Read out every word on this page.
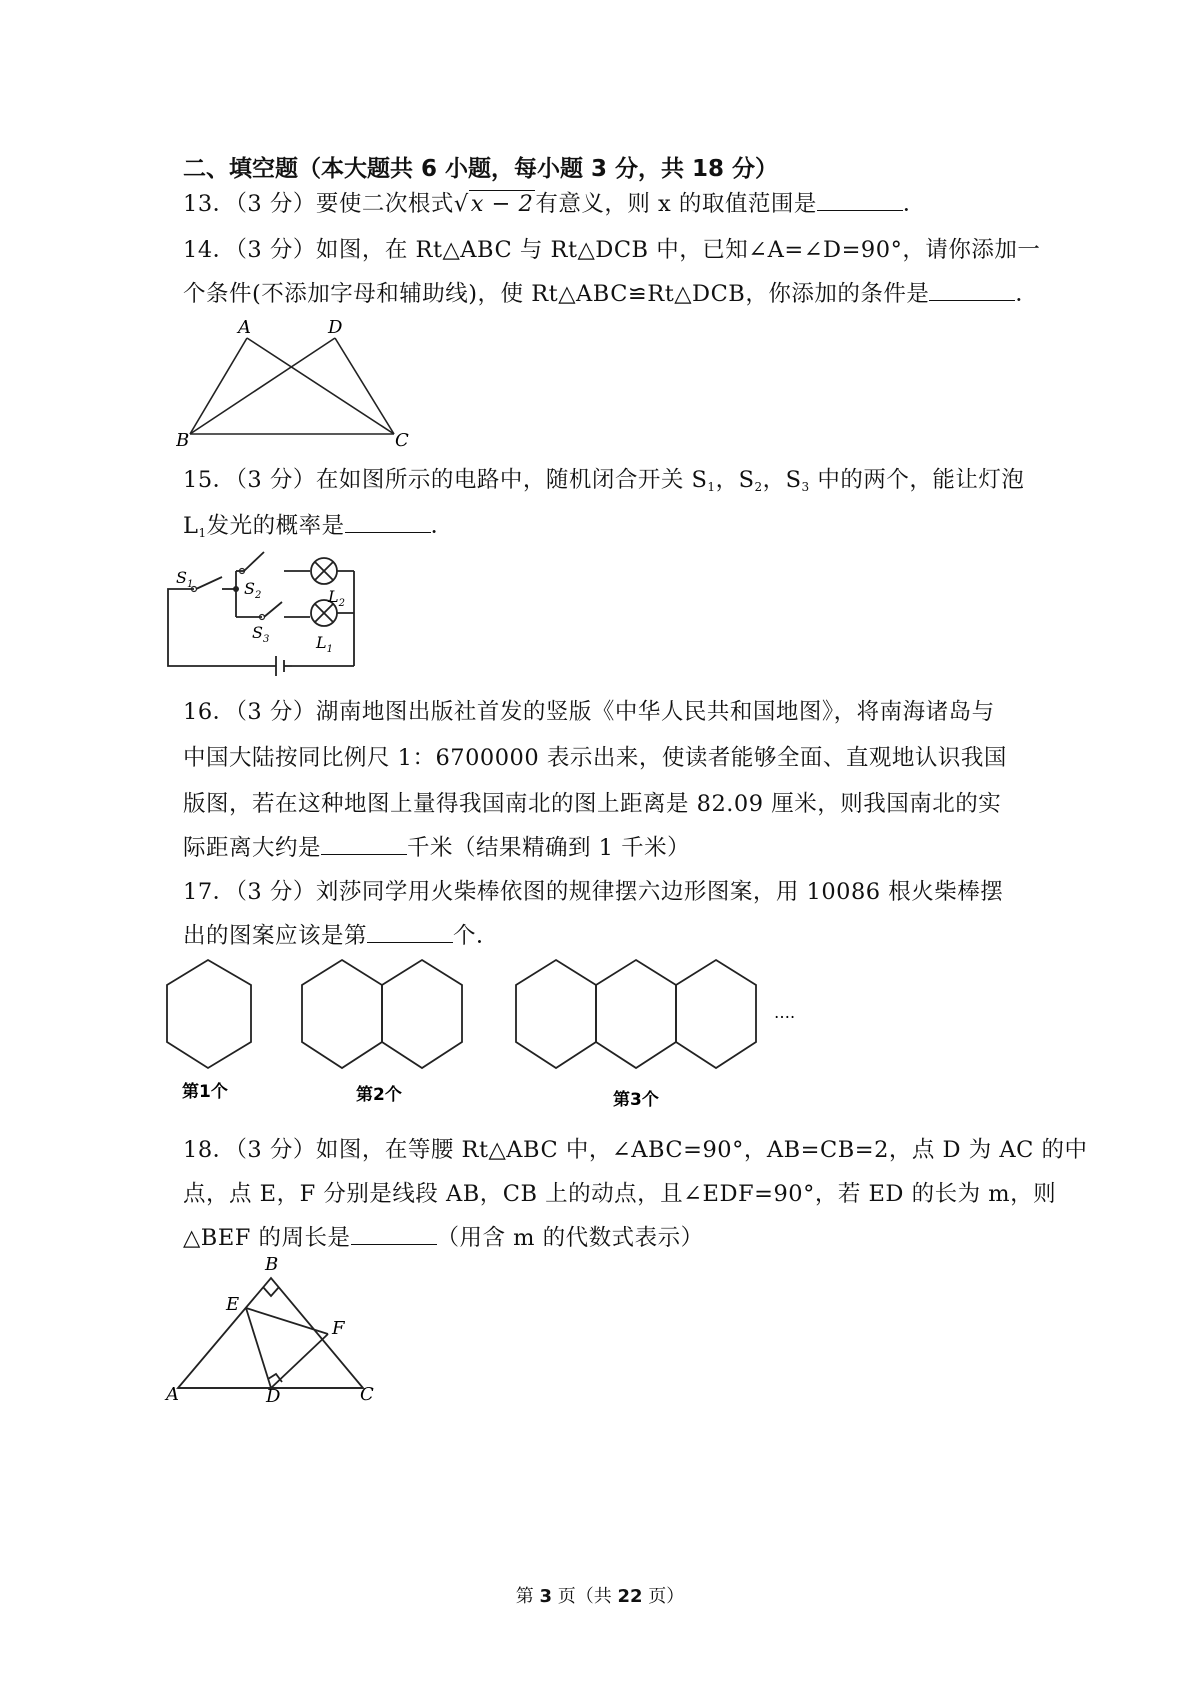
二、填空题（本大题共 6 小题，每小题 3 分，共 18 分）
13．（3 分）要使二次根式√x − 2有意义，则 x 的取值范围是	．
14．（3 分）如图，在 Rt△ABC 与 Rt△DCB 中，已知∠A=∠D=90°，请你添加一
个条件(不添加字母和辅助线)，使 Rt△ABC≌Rt△DCB，你添加的条件是	．
A	D
B	C
15．（3 分）在如图所示的电路中，随机闭合开关 $S_1$，$S_2$，$S_3$ 中的两个，能让灯泡
$L_1$发光的概率是	．
$S_1$	$S_2$
$S_3$
$L_2$
$L_1$
16．（3 分）湖南地图出版社首发的竖版《中华人民共和国地图》，将南海诸岛与
中国大陆按同比例尺 1：6700000 表示出来，使读者能够全面、直观地认识我国
版图，若在这种地图上量得我国南北的图上距离是 82.09 厘米，则我国南北的实
际距离大约是	千米（结果精确到 1 千米）
17．（3 分）刘莎同学用火柴棒依图的规律摆六边形图案，用 10086 根火柴棒摆
出的图案应该是第	个．
….
第1个	第2个	第3个
18．（3 分）如图，在等腰 Rt△ABC 中，∠ABC=90°，AB=CB=2，点 D 为 AC 的中
点，点 E，F 分别是线段 AB，CB 上的动点，且∠EDF=90°，若 ED 的长为 m，则
△BEF 的周长是	（用含 m 的代数式表示）
B
E
F
A	D	C
第 3 页（共 22 页）
